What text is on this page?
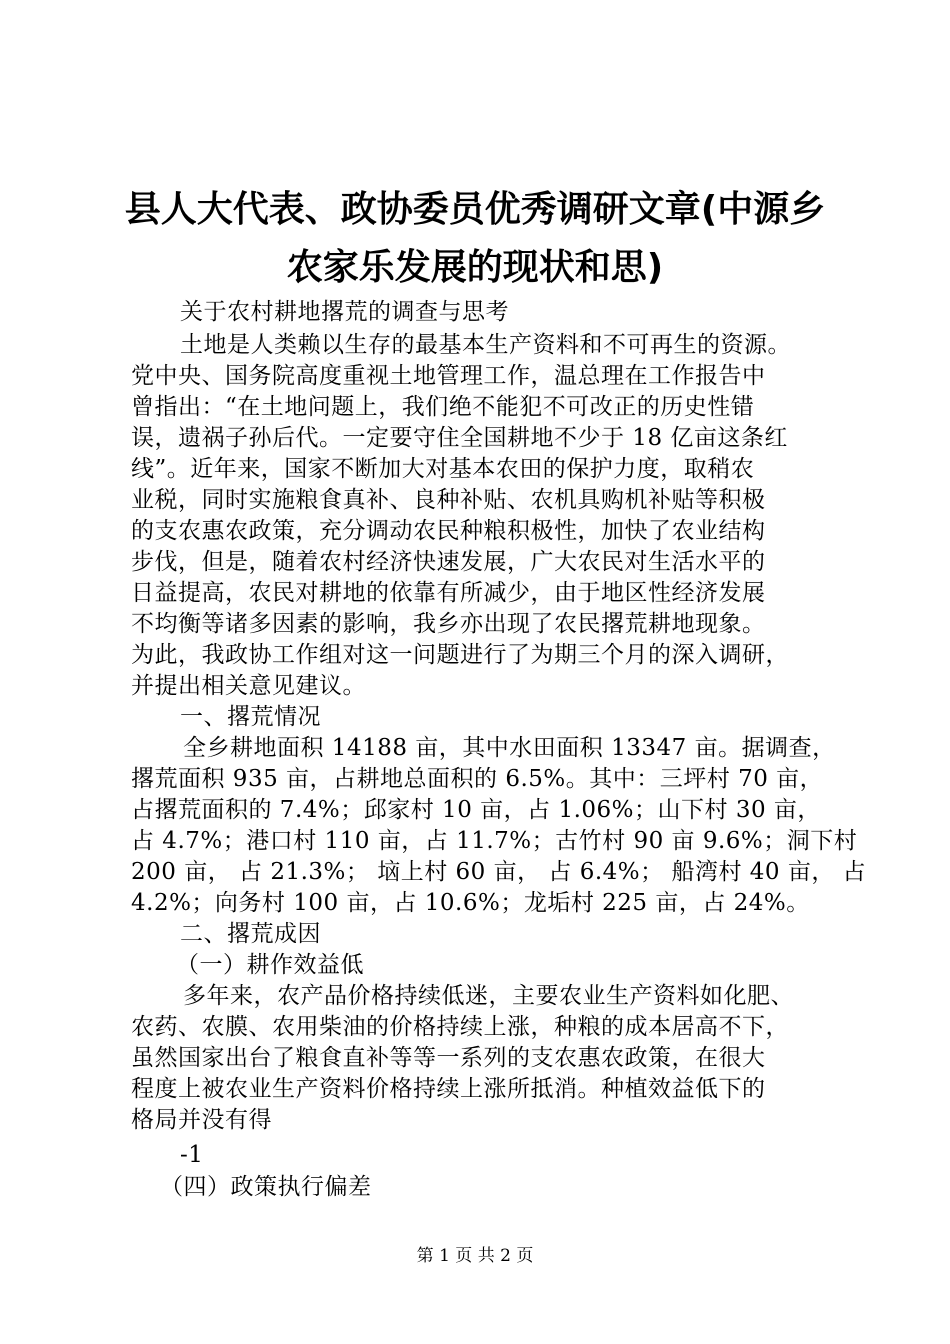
县人大代表、政协委员优秀调研文章(中源乡
农家乐发展的现状和思)
关于农村耕地撂荒的调查与思考
土地是人类赖以生存的最基本生产资料和不可再生的资源。
党中央、国务院高度重视土地管理工作，温总理在工作报告中
曾指出：“在土地问题上，我们绝不能犯不可改正的历史性错
误，遗祸子孙后代。一定要守住全国耕地不少于 18 亿亩这条红
线”。近年来，国家不断加大对基本农田的保护力度，取稍农
业税，同时实施粮食真补、良种补贴、农机具购机补贴等积极
的支农惠农政策，充分调动农民种粮积极性，加快了农业结构
步伐，但是，随着农村经济快速发展，广大农民对生活水平的
日益提高，农民对耕地的依靠有所减少，由于地区性经济发展
不均衡等诸多因素的影响，我乡亦出现了农民撂荒耕地现象。
为此，我政协工作组对这一问题进行了为期三个月的深入调研，
并提出相关意见建议。
一、撂荒情况
全乡耕地面积 14188 亩，其中水田面积 13347 亩。据调查，
撂荒面积 935 亩，占耕地总面积的 6.5%。其中：三坪村 70 亩，
占撂荒面积的 7.4%；邱家村 10 亩，占 1.06%；山下村 30 亩，
占 4.7%；港口村 110 亩，占 11.7%；古竹村 90 亩 9.6%；洞下村
200 亩， 占 21.3%； 垴上村 60 亩， 占 6.4%； 船湾村 40 亩， 占
4.2%；向务村 100 亩，占 10.6%；龙垢村 225 亩，占 24%。
二、撂荒成因
（一）耕作效益低
多年来，农产品价格持续低迷，主要农业生产资料如化肥、
农药、农膜、农用柴油的价格持续上涨，种粮的成本居高不下，
虽然国家出台了粮食直补等等一系列的支农惠农政策，在很大
程度上被农业生产资料价格持续上涨所抵消。种植效益低下的
格局并没有得
-1
（四）政策执行偏差
第 1 页 共 2 页
